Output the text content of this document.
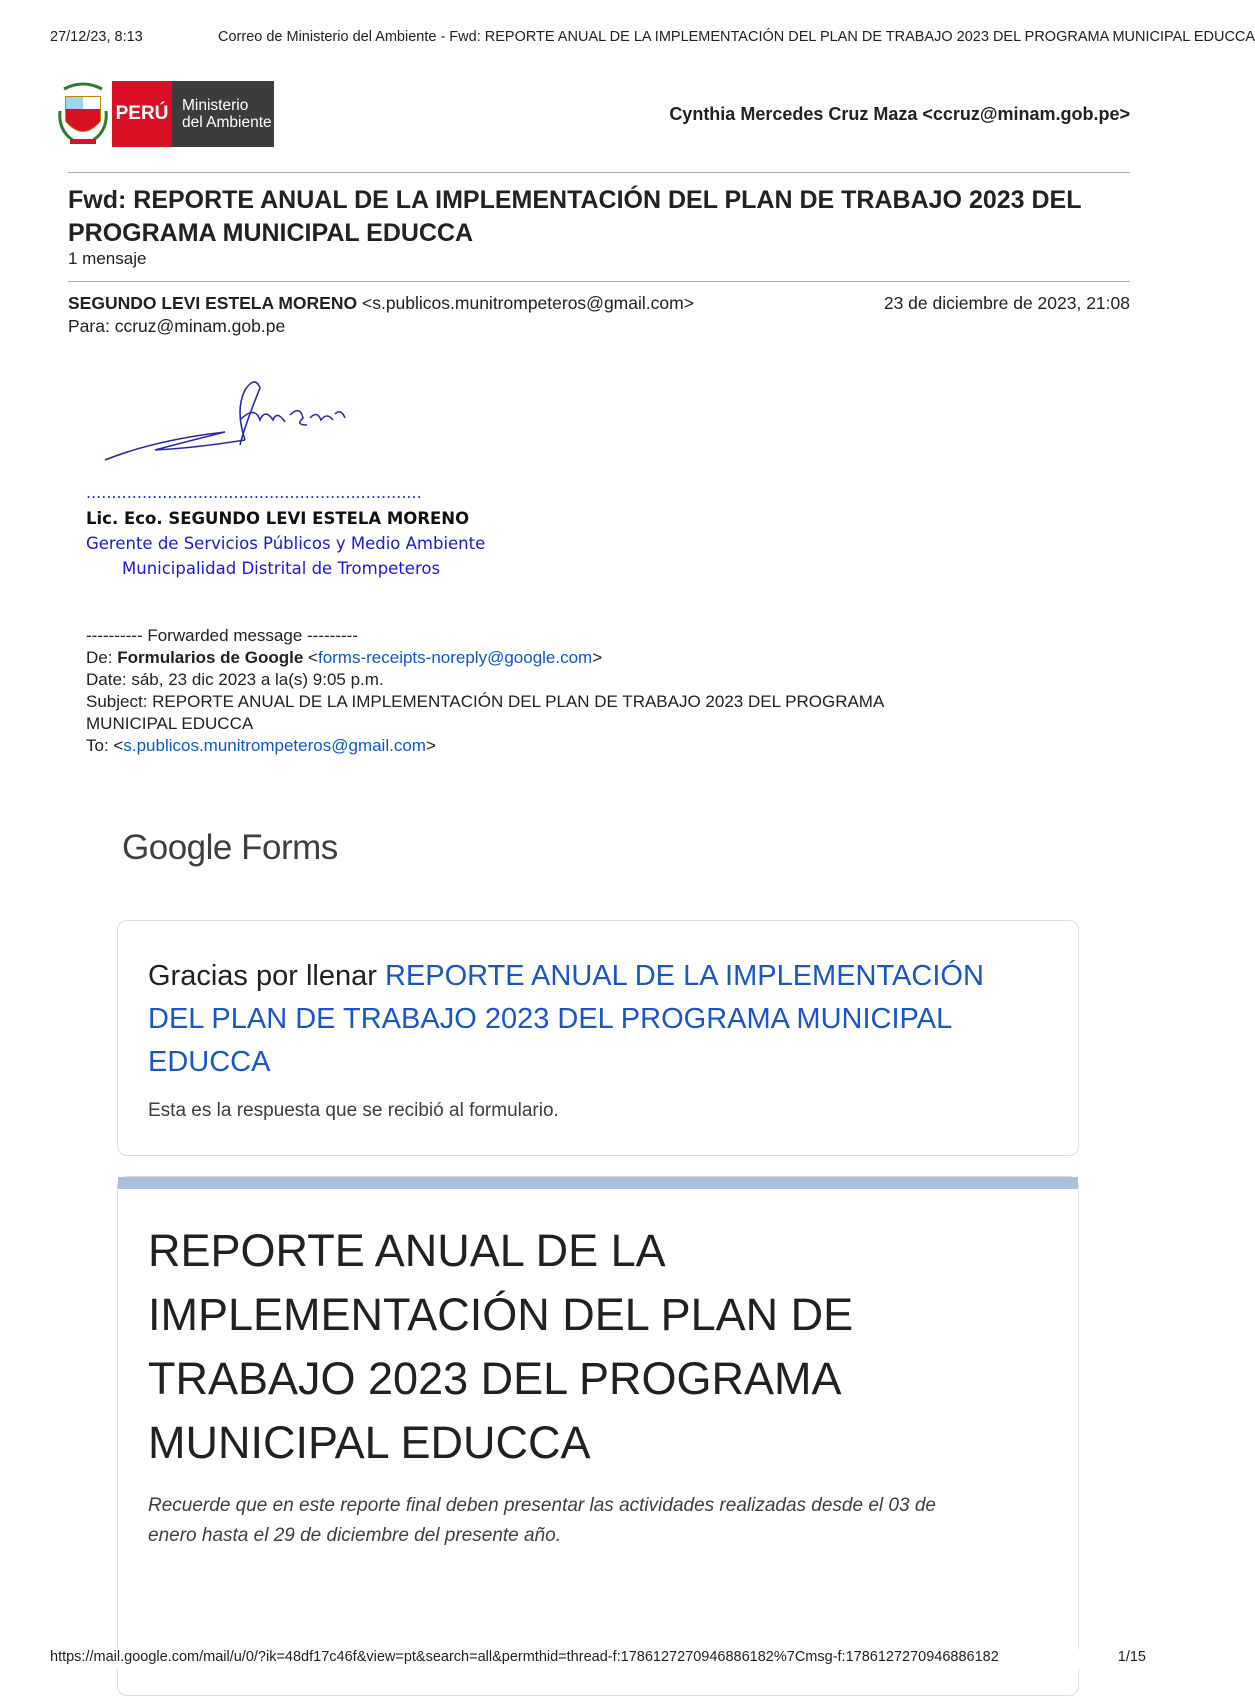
27/12/23, 8:13	Correo de Ministerio del Ambiente - Fwd: REPORTE ANUAL DE LA IMPLEMENTACIÓN DEL PLAN DE TRABAJO 2023 DEL PROGRAMA MUNICIPAL EDUCCA
PERÚ Ministerio
del Ambiente	Cynthia Mercedes Cruz Maza <ccruz@minam.gob.pe>
Fwd: REPORTE ANUAL DE LA IMPLEMENTACIÓN DEL PLAN DE TRABAJO 2023 DEL PROGRAMA MUNICIPAL EDUCCA
1 mensaje
SEGUNDO LEVI ESTELA MORENO <s.publicos.munitrompeteros@gmail.com>	23 de diciembre de 2023, 21:08
Para: ccruz@minam.gob.pe
..................................................................
Lic. Eco. SEGUNDO LEVI ESTELA MORENO
Gerente de Servicios Públicos y Medio Ambiente
Municipalidad Distrital de Trompeteros
---------- Forwarded message ---------
De: Formularios de Google <forms-receipts-noreply@google.com>
Date: sáb, 23 dic 2023 a la(s) 9:05 p.m.
Subject: REPORTE ANUAL DE LA IMPLEMENTACIÓN DEL PLAN DE TRABAJO 2023 DEL PROGRAMA
MUNICIPAL EDUCCA
To: <s.publicos.munitrompeteros@gmail.com>
Google Forms
Gracias por llenar REPORTE ANUAL DE LA IMPLEMENTACIÓN DEL PLAN DE TRABAJO 2023 DEL PROGRAMA MUNICIPAL EDUCCA
Esta es la respuesta que se recibió al formulario.
REPORTE ANUAL DE LA IMPLEMENTACIÓN DEL PLAN DE TRABAJO 2023 DEL PROGRAMA MUNICIPAL EDUCCA
Recuerde que en este reporte final deben presentar las actividades realizadas desde el 03 de enero hasta el 29 de diciembre del presente año.
https://mail.google.com/mail/u/0/?ik=48df17c46f&view=pt&search=all&permthid=thread-f:1786127270946886182%7Cmsg-f:1786127270946886182	1/15
